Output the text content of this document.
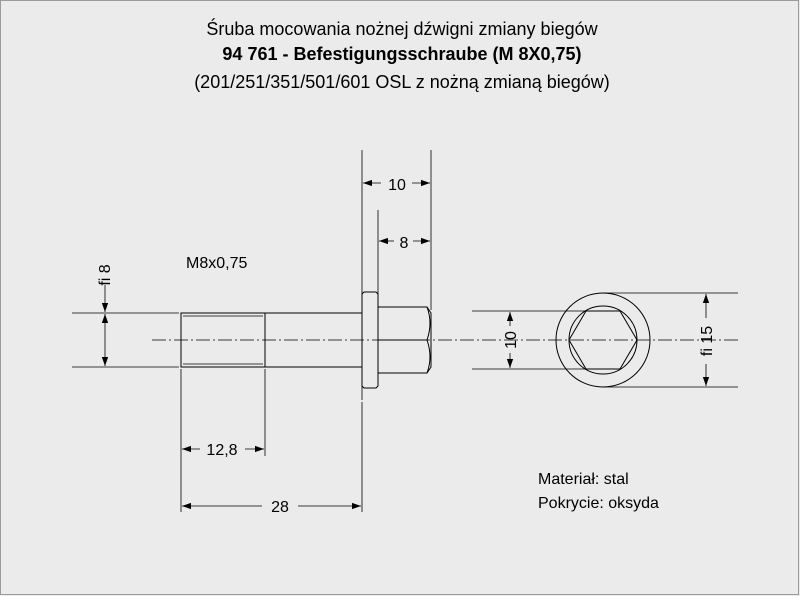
Śruba mocowania nożnej dźwigni zmiany biegów
94 761 - Befestigungsschraube (M 8X0,75)
(201/251/351/501/601 OSL z nożną zmianą biegów)
10
8
fi 8
M8x0,75
12,8
28
10	fi 15
Materiał: stal
Pokrycie: oksyda
